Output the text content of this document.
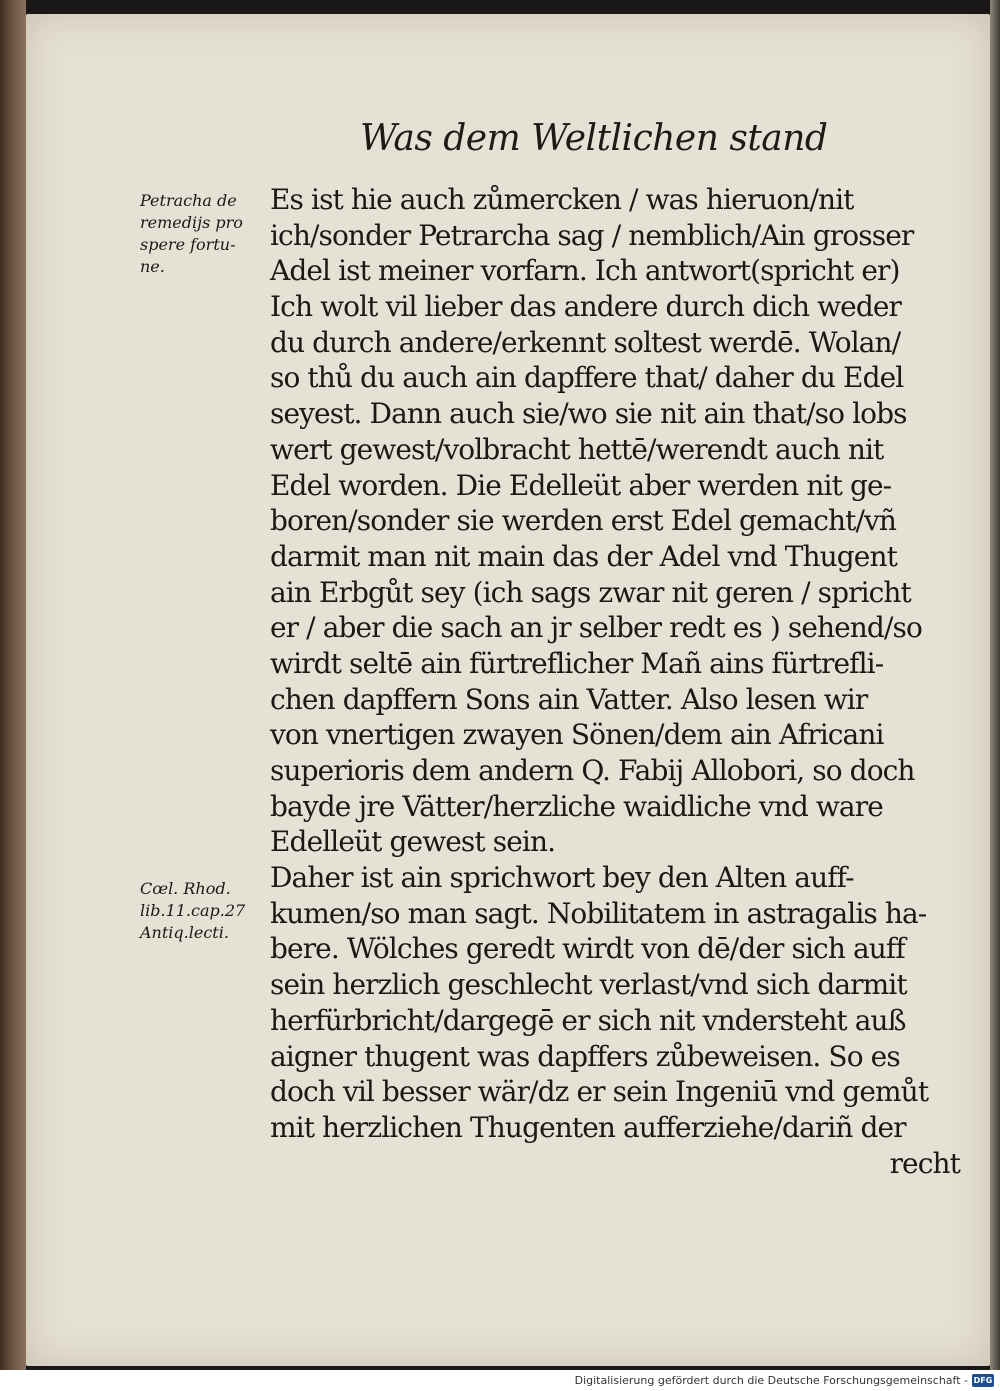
Was dem Weltlichen stand
Petracha de
remedijs pro
spere fortu-
ne.
Cœl. Rhod.
lib.11.cap.27
Antiq.lecti.
Es ist hie auch zůmercken / was hieruon/nit
ich/sonder Petrarcha sag / nemblich/Ain grosser
Adel ist meiner vorfarn. Ich antwort(spricht er)
Ich wolt vil lieber das andere durch dich weder
du durch andere/erkennt soltest werdē. Wolan/
so thů du auch ain dapffere that/ daher du Edel
seyest. Dann auch sie/wo sie nit ain that/so lobs
wert gewest/volbracht hettē/werendt auch nit
Edel worden. Die Edelleüt aber werden nit ge-
boren/sonder sie werden erst Edel gemacht/vñ
darmit man nit main das der Adel vnd Thugent
ain Erbgůt sey (ich sags zwar nit geren / spricht
er / aber die sach an jr selber redt es ) sehend/so
wirdt seltē ain fürtreflicher Mañ ains fürtrefli-
chen dapffern Sons ain Vatter. Also lesen wir
von vnertigen zwayen Sönen/dem ain Africani
superioris dem andern Q. Fabij Allobori, so doch
bayde jre Vätter/herzliche waidliche vnd ware
Edelleüt gewest sein.
Daher ist ain sprichwort bey den Alten auff-
kumen/so man sagt. Nobilitatem in astragalis ha-
bere. Wölches geredt wirdt von dē/der sich auff
sein herzlich geschlecht verlast/vnd sich darmit
herfürbricht/dargegē er sich nit vndersteht auß
aigner thugent was dapffers zůbeweisen. So es
doch vil besser wär/dz er sein Ingeniū vnd gemůt
mit herzlichen Thugenten aufferziehe/dariñ der
recht
Digitalisierung gefördert durch die Deutsche Forschungsgemeinschaft - DFG
